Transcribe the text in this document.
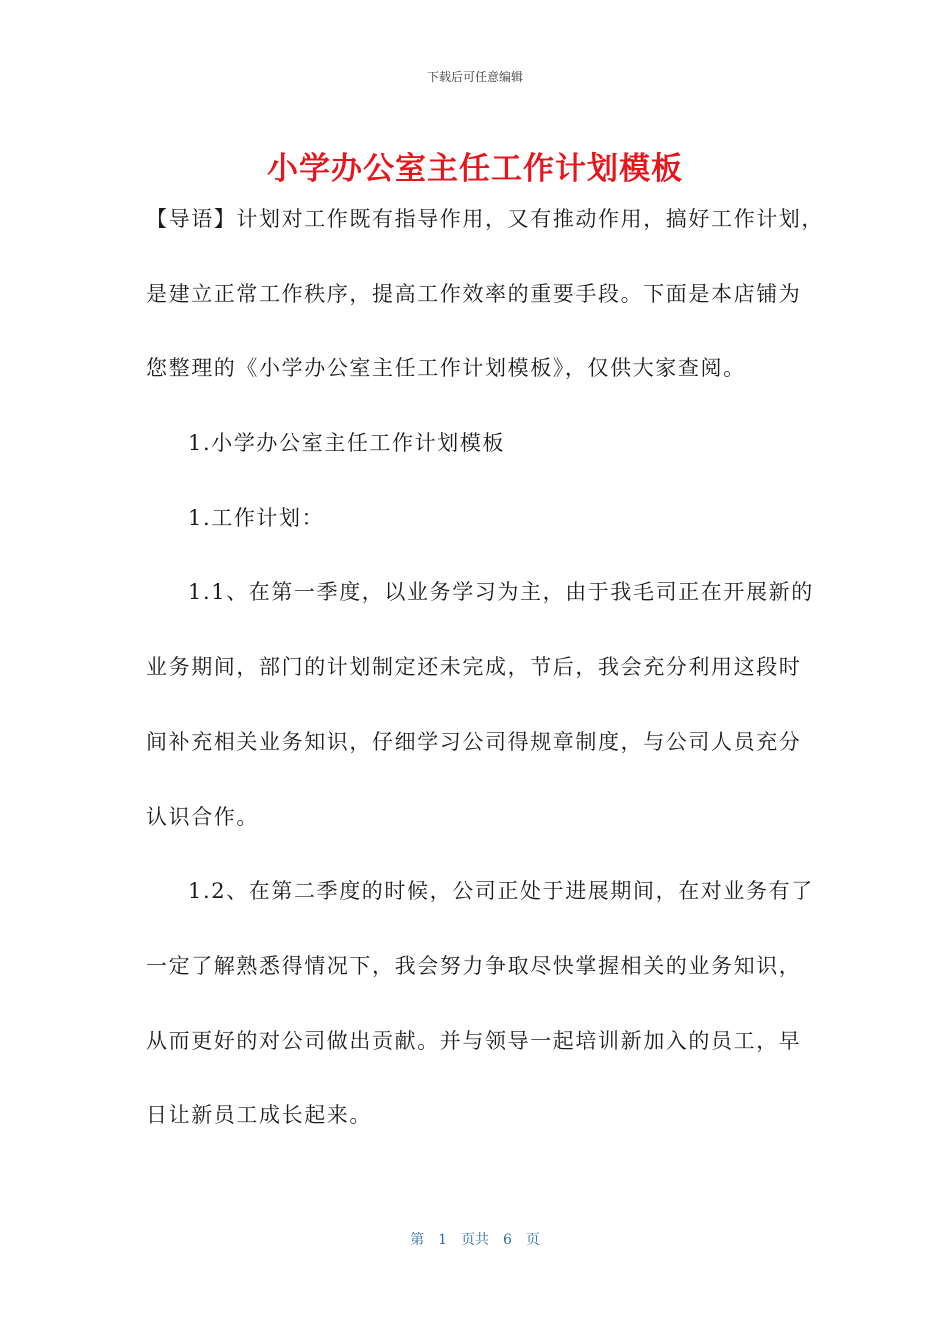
下载后可任意编辑
小学办公室主任工作计划模板
【导语】计划对工作既有指导作用，又有推动作用，搞好工作计划，
是建立正常工作秩序，提高工作效率的重要手段。下面是本店铺为
您整理的《小学办公室主任工作计划模板》，仅供大家查阅。
1.小学办公室主任工作计划模板
1.工作计划：
1.1、在第一季度，以业务学习为主，由于我毛司正在开展新的
业务期间，部门的计划制定还未完成，节后，我会充分利用这段时
间补充相关业务知识，仔细学习公司得规章制度，与公司人员充分
认识合作。
1.2、在第二季度的时候，公司正处于进展期间，在对业务有了
一定了解熟悉得情况下，我会努力争取尽快掌握相关的业务知识，
从而更好的对公司做出贡献。并与领导一起培训新加入的员工，早
日让新员工成长起来。
第 1 页共 6 页
